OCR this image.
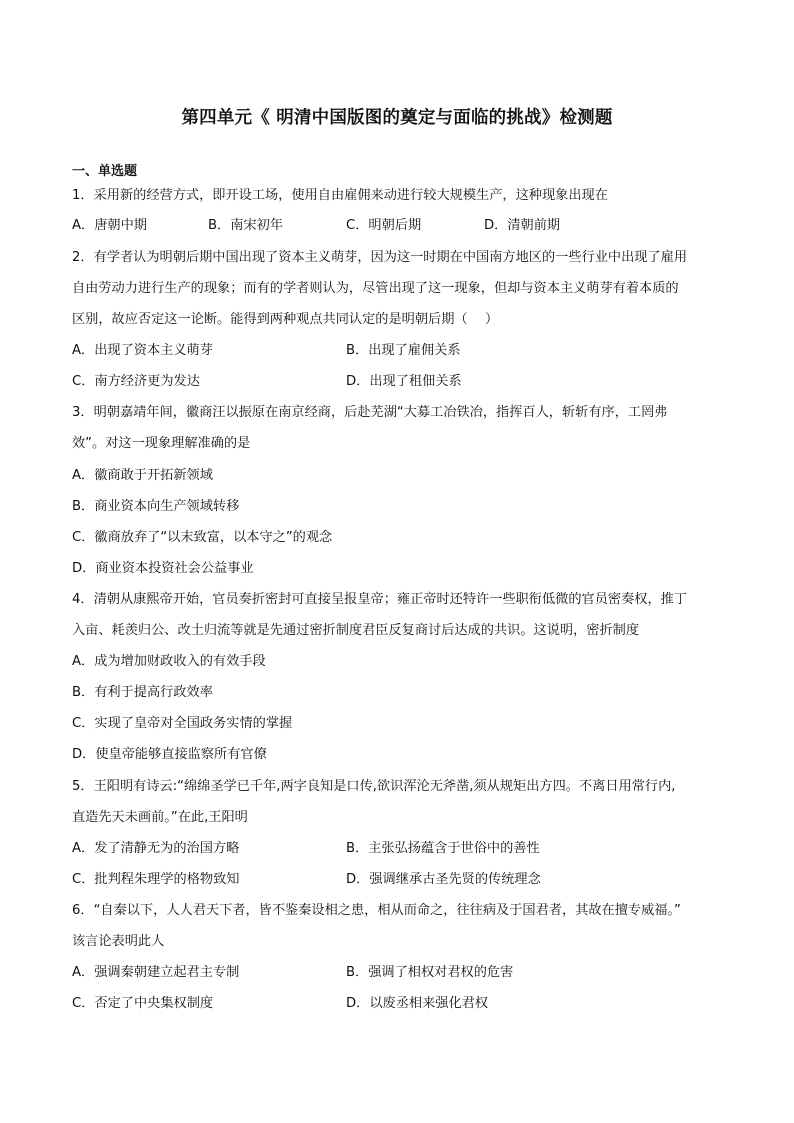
第四单元《 明清中国版图的奠定与面临的挑战》检测题
一、单选题
1．采用新的经营方式，即开设工场，使用自由雇佣来动进行较大规模生产，这种现象出现在
A．唐朝中期	B．南宋初年	C．明朝后期	D．清朝前期
2．有学者认为明朝后期中国出现了资本主义萌芽，因为这一时期在中国南方地区的一些行业中出现了雇用
自由劳动力进行生产的现象；而有的学者则认为，尽管出现了这一现象，但却与资本主义萌芽有着本质的
区别，故应否定这一论断。能得到两种观点共同认定的是明朝后期（　 ）
A．出现了资本主义萌芽	B．出现了雇佣关系
C．南方经济更为发达	D．出现了租佃关系
3．明朝嘉靖年间，徽商汪以振原在南京经商，后赴芜湖“大募工冶铁冶，指挥百人，斩斩有序，工罔弗
效”。对这一现象理解准确的是
A．徽商敢于开拓新领域
B．商业资本向生产领域转移
C．徽商放弃了“以末致富，以本守之”的观念
D．商业资本投资社会公益事业
4．清朝从康熙帝开始，官员奏折密封可直接呈报皇帝；雍正帝时还特许一些职衔低微的官员密奏权，推丁
入亩、耗羡归公、改土归流等就是先通过密折制度君臣反复商讨后达成的共识。这说明，密折制度
A．成为增加财政收入的有效手段
B．有利于提高行政效率
C．实现了皇帝对全国政务实情的掌握
D．使皇帝能够直接监察所有官僚
5．王阳明有诗云:“绵绵圣学已千年,两字良知是口传,欲识浑沦无斧凿,须从规矩出方四。不离日用常行内,
直造先天未画前。”在此,王阳明
A．发了清静无为的治国方略	B．主张弘扬蕴含于世俗中的善性
C．批判程朱理学的格物致知	D．强调继承古圣先贤的传统理念
6．“自秦以下，人人君天下者，皆不鉴秦设相之患，相从而命之，往往病及于国君者，其故在擅专威福。”
该言论表明此人
A．强调秦朝建立起君主专制	B．强调了相权对君权的危害
C．否定了中央集权制度	D．以废丞相来强化君权
